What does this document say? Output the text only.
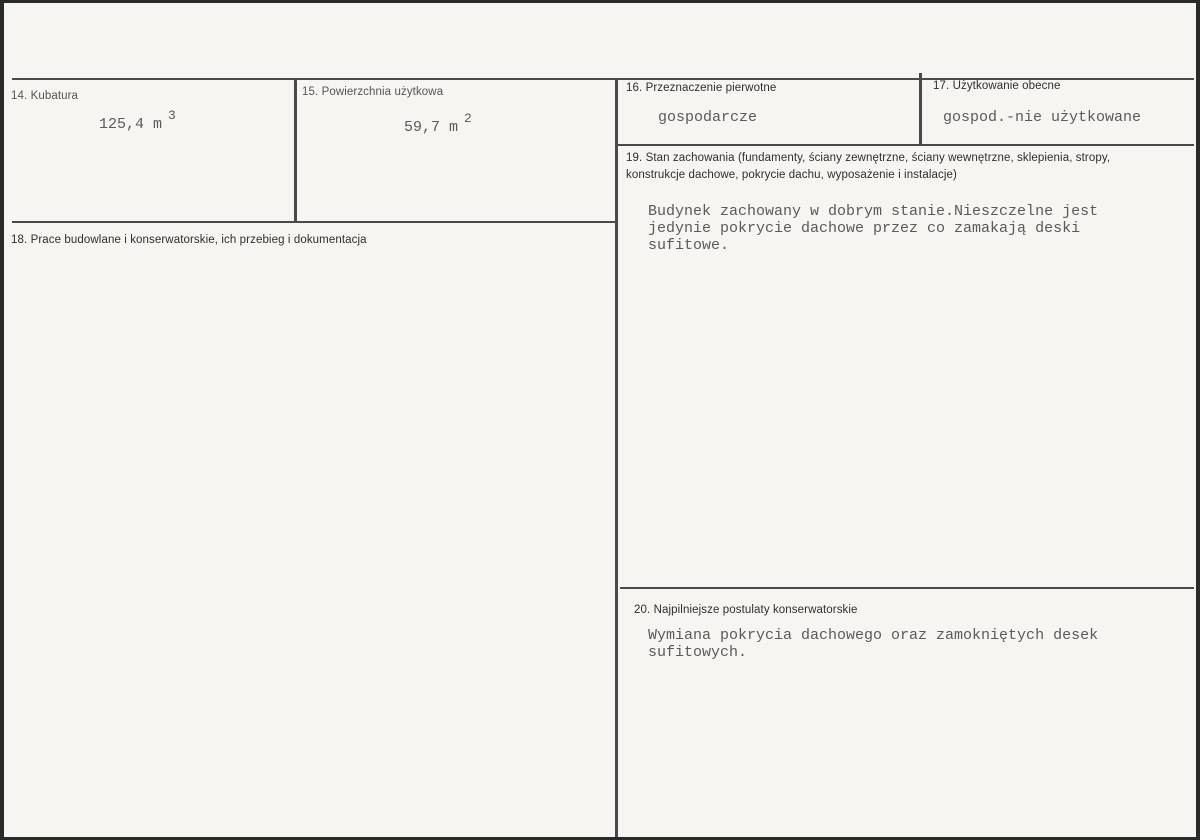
14. Kubatura
125,4 m3
15. Powierzchnia użytkowa
59,7 m2
16. Przeznaczenie pierwotne
gospodarcze
17. Użytkowanie obecne
gospod.-nie użytkowane
18. Prace budowlane i konserwatorskie, ich przebieg i dokumentacja
19. Stan zachowania (fundamenty, ściany zewnętrzne, ściany wewnętrzne, sklepienia, stropy, konstrukcje dachowe, pokrycie dachu, wyposażenie i instalacje)
Budynek zachowany w dobrym stanie.Nieszczelne jest jedynie pokrycie dachowe przez co zamakają deski sufitowe.
20. Najpilniejsze postulaty konserwatorskie
Wymiana pokrycia dachowego oraz zamokniętych desek sufitowych.
